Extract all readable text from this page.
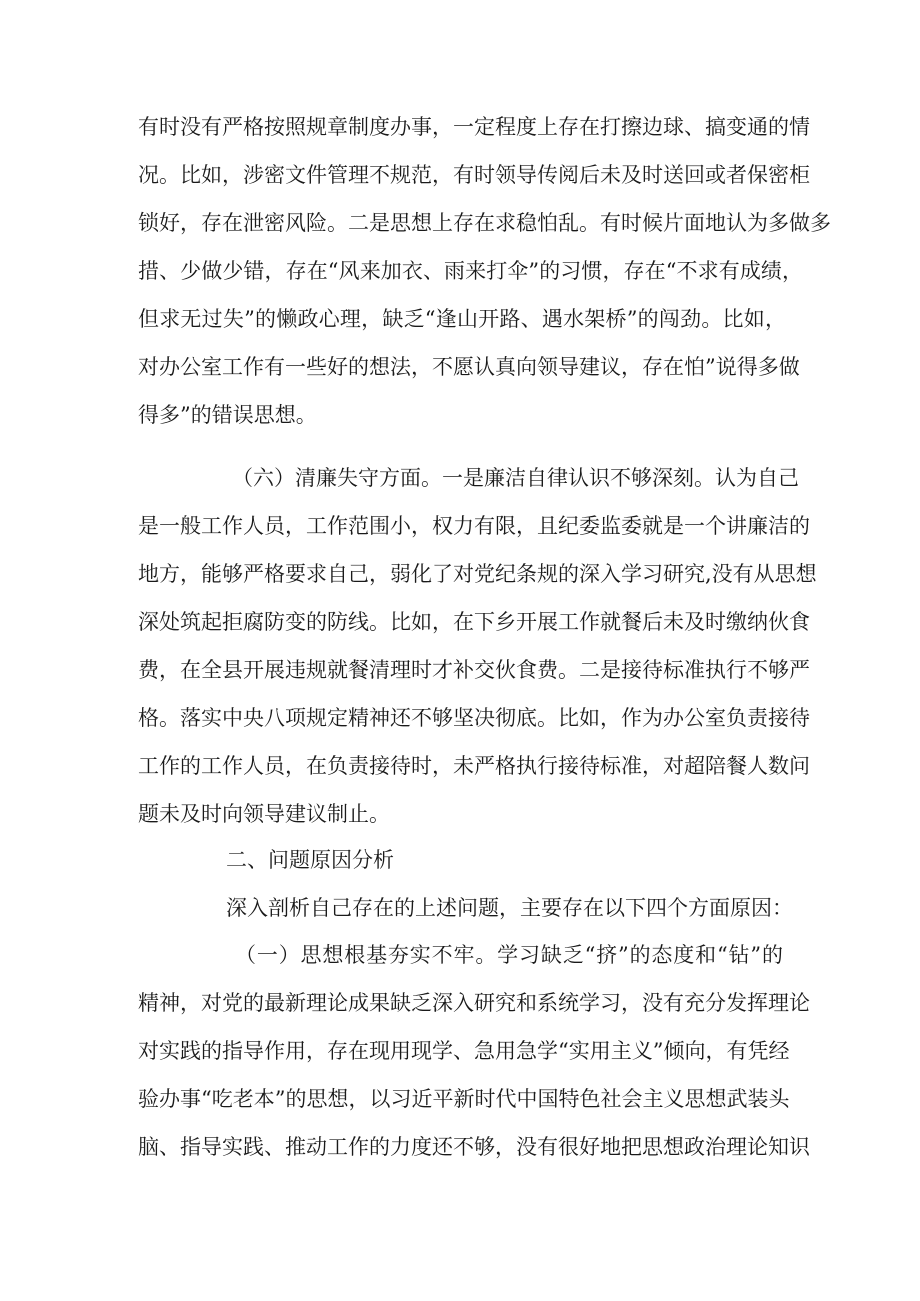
有时没有严格按照规章制度办事，一定程度上存在打擦边球、搞变通的情
况。比如，涉密文件管理不规范，有时领导传阅后未及时送回或者保密柜
锁好，存在泄密风险。二是思想上存在求稳怕乱。有时候片面地认为多做多
措、少做少错，存在“风来加衣、雨来打伞”的习惯，存在“不求有成绩，
但求无过失”的懒政心理，缺乏“逢山开路、遇水架桥”的闯劲。比如，
对办公室工作有一些好的想法，不愿认真向领导建议，存在怕”说得多做
得多”的错误思想。
（六）清廉失守方面。一是廉洁自律认识不够深刻。认为自己
是一般工作人员，工作范围小，权力有限，且纪委监委就是一个讲廉洁的
地方，能够严格要求自己，弱化了对党纪条规的深入学习研究,没有从思想
深处筑起拒腐防变的防线。比如，在下乡开展工作就餐后未及时缴纳伙食
费，在全县开展违规就餐清理时才补交伙食费。二是接待标准执行不够严
格。落实中央八项规定精神还不够坚决彻底。比如，作为办公室负责接待
工作的工作人员，在负责接待时，未严格执行接待标准，对超陪餐人数问
题未及时向领导建议制止。
二、问题原因分析
深入剖析自己存在的上述问题，主要存在以下四个方面原因：
（一）思想根基夯实不牢。学习缺乏“挤”的态度和“钻”的
精神，对党的最新理论成果缺乏深入研究和系统学习，没有充分发挥理论
对实践的指导作用，存在现用现学、急用急学“实用主义”倾向，有凭经
验办事“吃老本”的思想，以习近平新时代中国特色社会主义思想武装头
脑、指导实践、推动工作的力度还不够，没有很好地把思想政治理论知识
